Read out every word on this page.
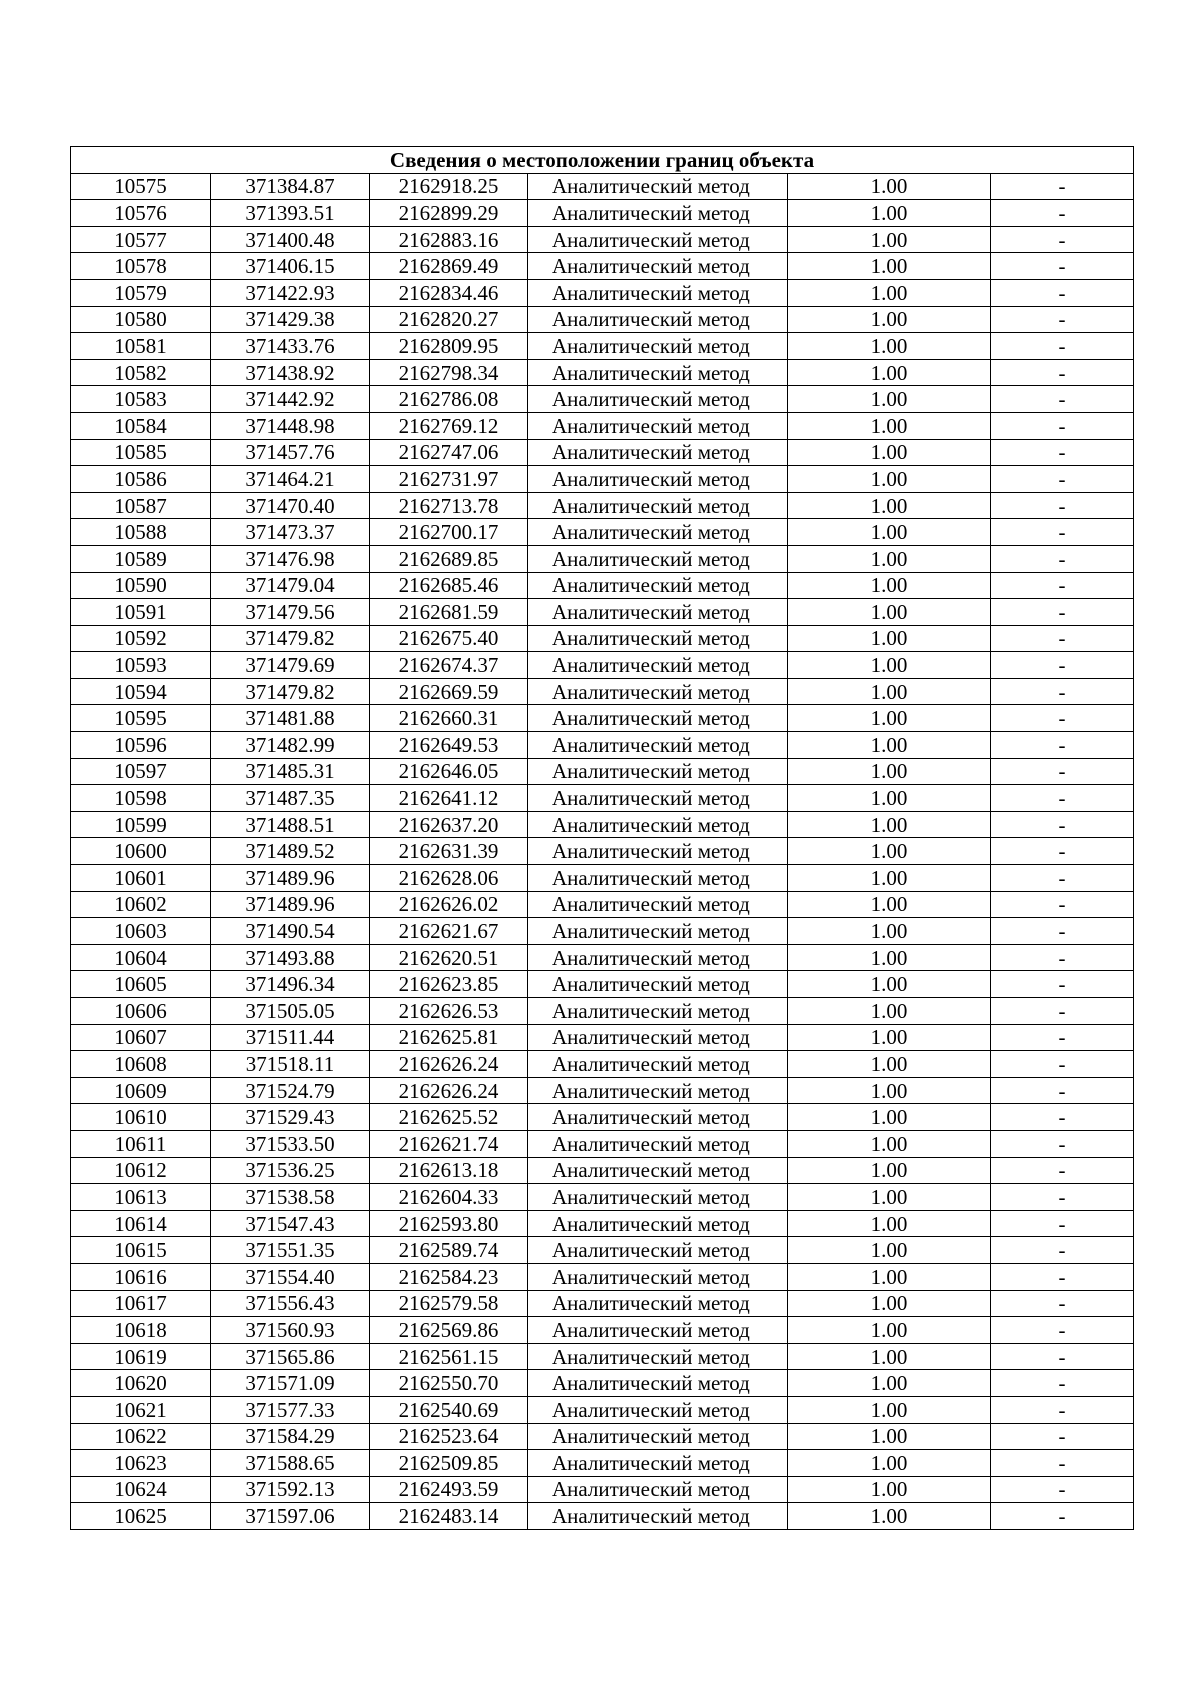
Сведения о местоположении границ объекта					
10575	371384.87	2162918.25	Аналитический метод	1.00	-
10576	371393.51	2162899.29	Аналитический метод	1.00	-
10577	371400.48	2162883.16	Аналитический метод	1.00	-
10578	371406.15	2162869.49	Аналитический метод	1.00	-
10579	371422.93	2162834.46	Аналитический метод	1.00	-
10580	371429.38	2162820.27	Аналитический метод	1.00	-
10581	371433.76	2162809.95	Аналитический метод	1.00	-
10582	371438.92	2162798.34	Аналитический метод	1.00	-
10583	371442.92	2162786.08	Аналитический метод	1.00	-
10584	371448.98	2162769.12	Аналитический метод	1.00	-
10585	371457.76	2162747.06	Аналитический метод	1.00	-
10586	371464.21	2162731.97	Аналитический метод	1.00	-
10587	371470.40	2162713.78	Аналитический метод	1.00	-
10588	371473.37	2162700.17	Аналитический метод	1.00	-
10589	371476.98	2162689.85	Аналитический метод	1.00	-
10590	371479.04	2162685.46	Аналитический метод	1.00	-
10591	371479.56	2162681.59	Аналитический метод	1.00	-
10592	371479.82	2162675.40	Аналитический метод	1.00	-
10593	371479.69	2162674.37	Аналитический метод	1.00	-
10594	371479.82	2162669.59	Аналитический метод	1.00	-
10595	371481.88	2162660.31	Аналитический метод	1.00	-
10596	371482.99	2162649.53	Аналитический метод	1.00	-
10597	371485.31	2162646.05	Аналитический метод	1.00	-
10598	371487.35	2162641.12	Аналитический метод	1.00	-
10599	371488.51	2162637.20	Аналитический метод	1.00	-
10600	371489.52	2162631.39	Аналитический метод	1.00	-
10601	371489.96	2162628.06	Аналитический метод	1.00	-
10602	371489.96	2162626.02	Аналитический метод	1.00	-
10603	371490.54	2162621.67	Аналитический метод	1.00	-
10604	371493.88	2162620.51	Аналитический метод	1.00	-
10605	371496.34	2162623.85	Аналитический метод	1.00	-
10606	371505.05	2162626.53	Аналитический метод	1.00	-
10607	371511.44	2162625.81	Аналитический метод	1.00	-
10608	371518.11	2162626.24	Аналитический метод	1.00	-
10609	371524.79	2162626.24	Аналитический метод	1.00	-
10610	371529.43	2162625.52	Аналитический метод	1.00	-
10611	371533.50	2162621.74	Аналитический метод	1.00	-
10612	371536.25	2162613.18	Аналитический метод	1.00	-
10613	371538.58	2162604.33	Аналитический метод	1.00	-
10614	371547.43	2162593.80	Аналитический метод	1.00	-
10615	371551.35	2162589.74	Аналитический метод	1.00	-
10616	371554.40	2162584.23	Аналитический метод	1.00	-
10617	371556.43	2162579.58	Аналитический метод	1.00	-
10618	371560.93	2162569.86	Аналитический метод	1.00	-
10619	371565.86	2162561.15	Аналитический метод	1.00	-
10620	371571.09	2162550.70	Аналитический метод	1.00	-
10621	371577.33	2162540.69	Аналитический метод	1.00	-
10622	371584.29	2162523.64	Аналитический метод	1.00	-
10623	371588.65	2162509.85	Аналитический метод	1.00	-
10624	371592.13	2162493.59	Аналитический метод	1.00	-
10625	371597.06	2162483.14	Аналитический метод	1.00	-
